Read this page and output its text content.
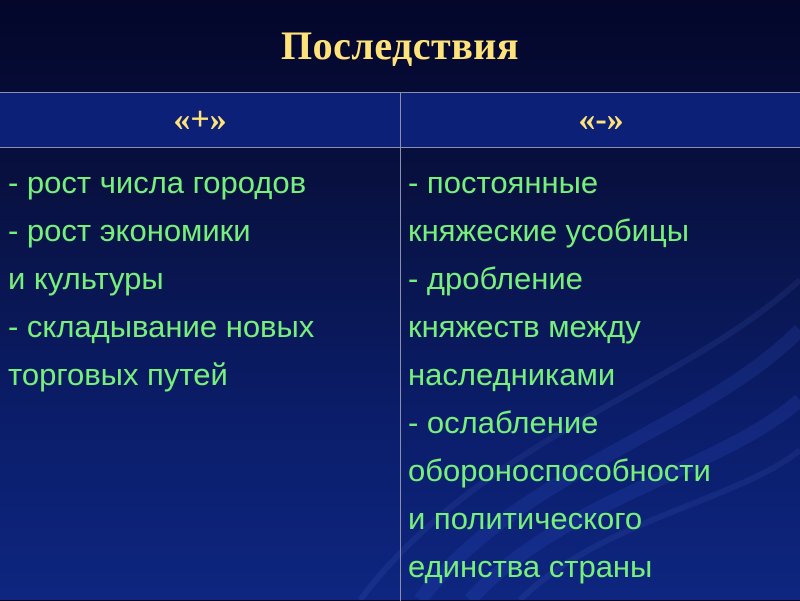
Последствия
«+»	«-»
- рост числа городов
- рост экономики
и культуры
- складывание новых
торговых путей
- постоянные
княжеские усобицы
- дробление
княжеств между
наследниками
- ослабление
обороноспособности
и политического
единства страны
